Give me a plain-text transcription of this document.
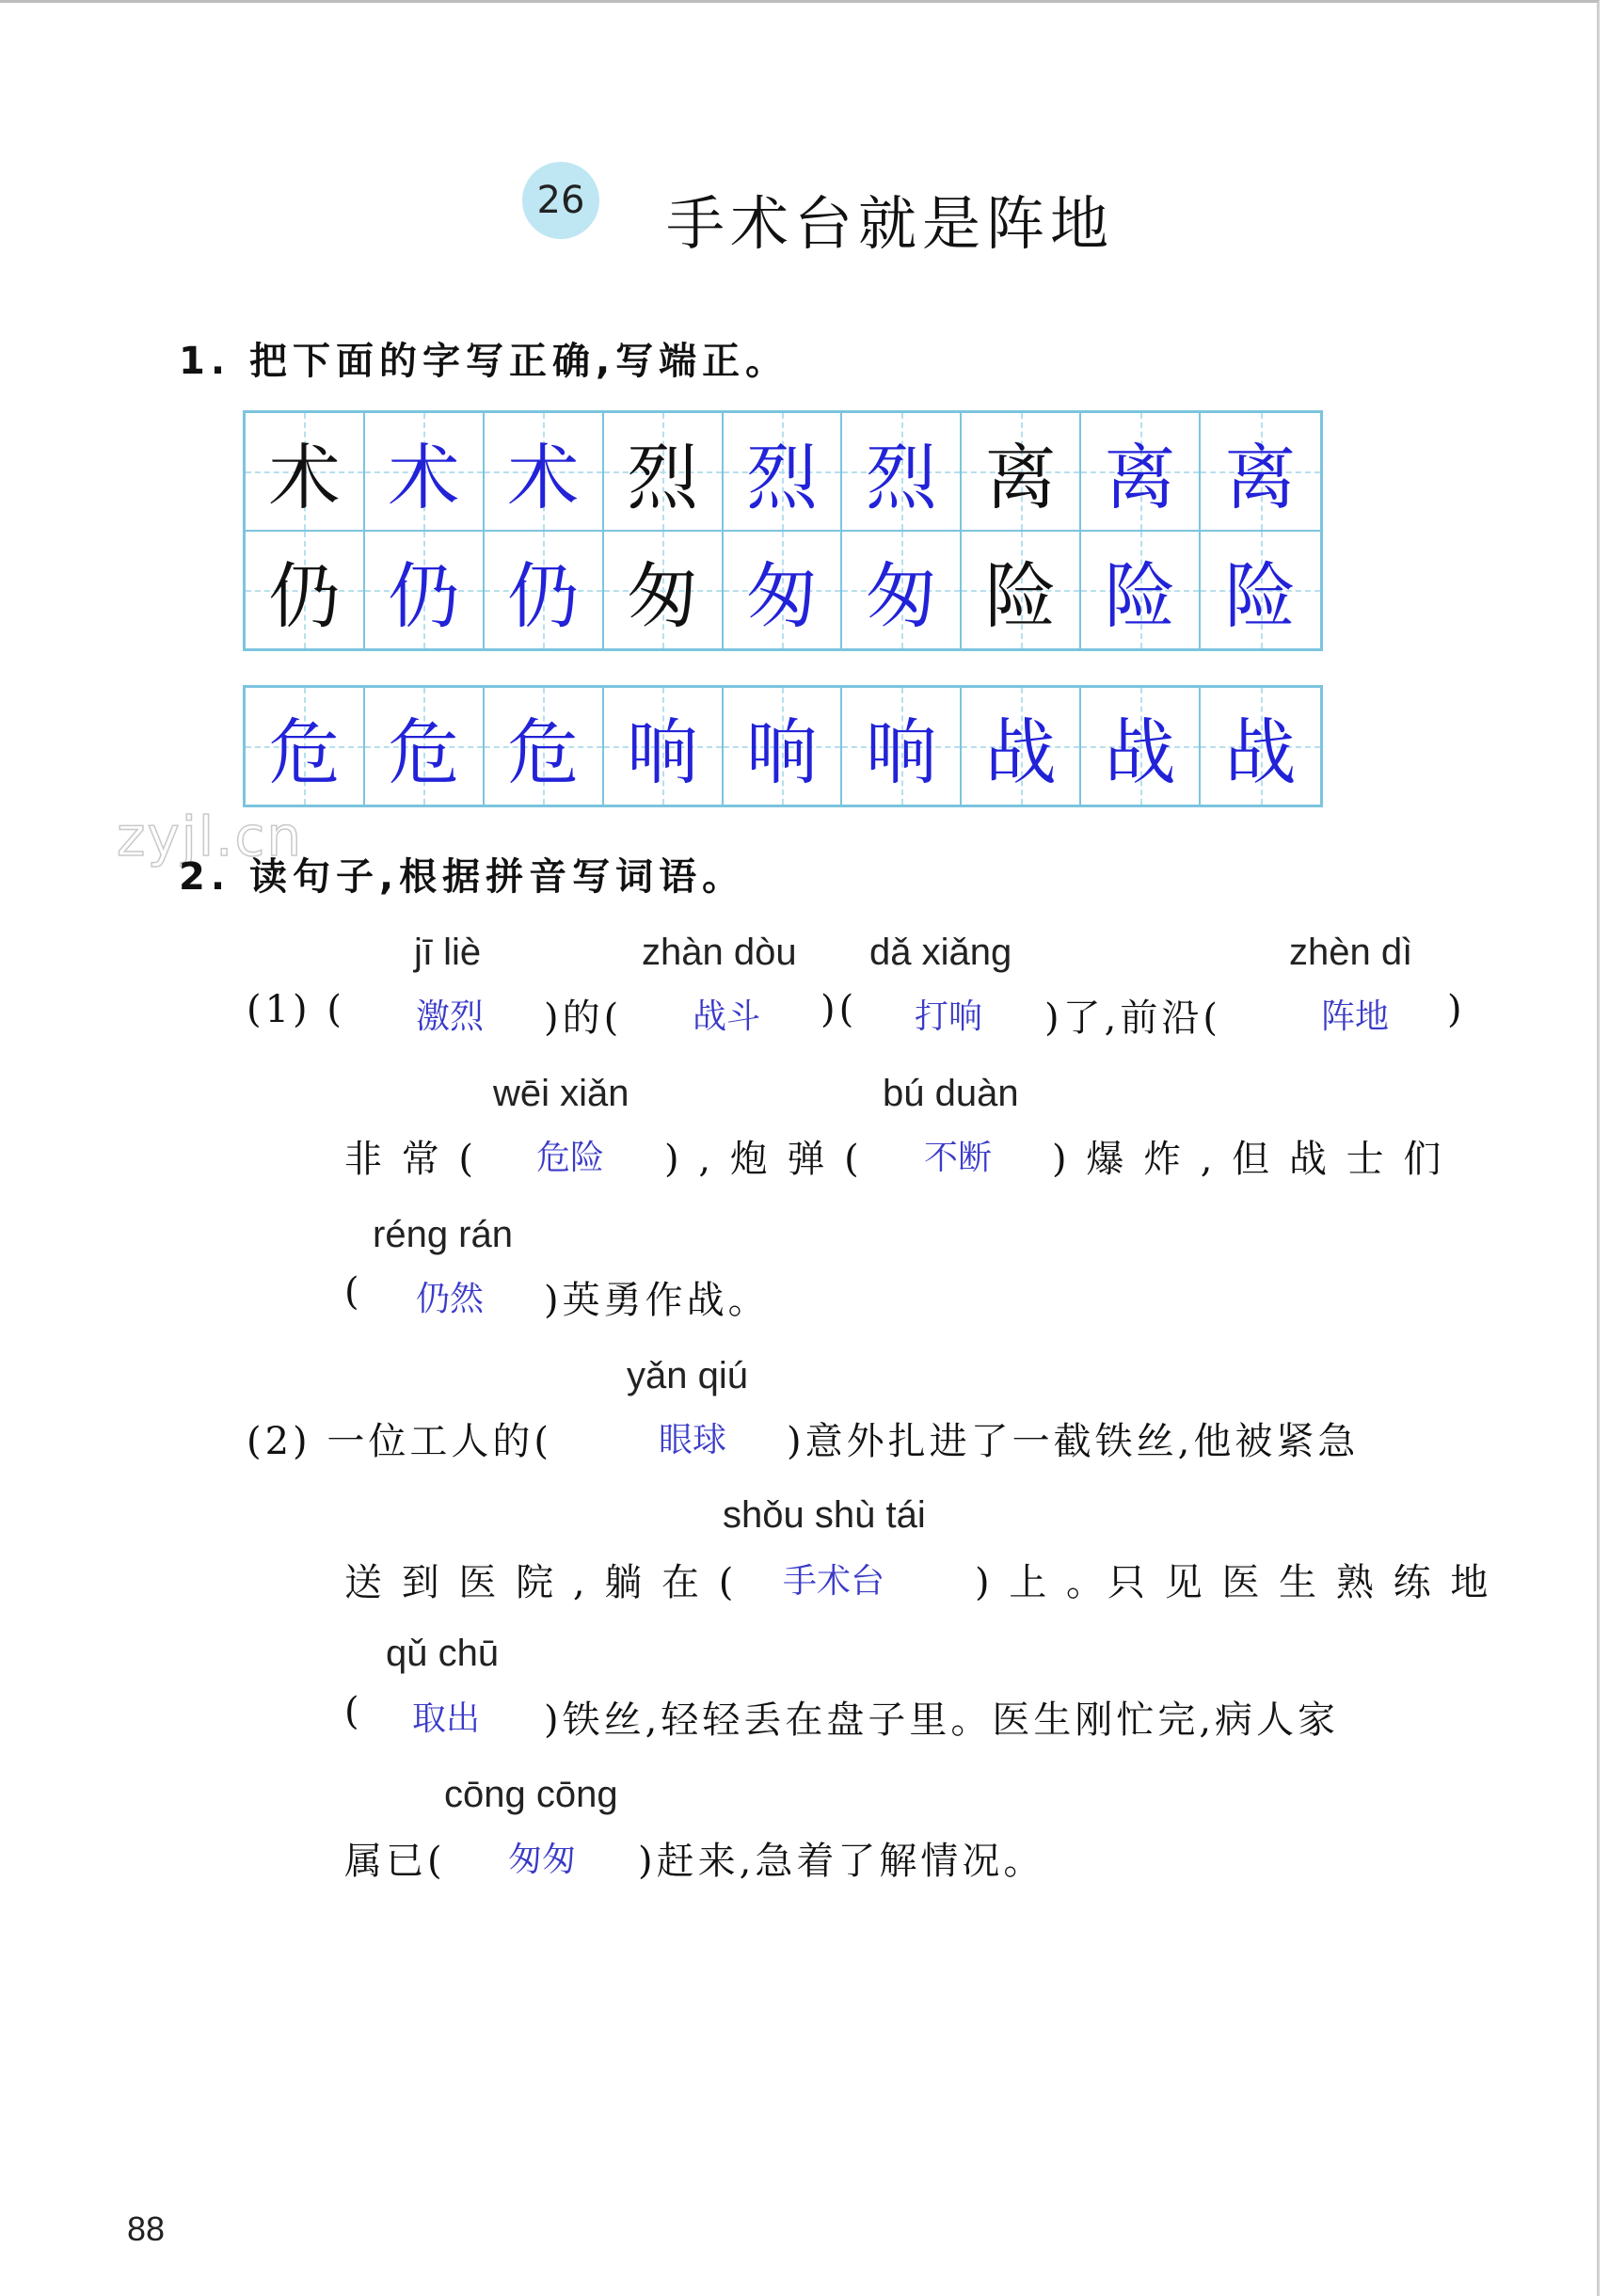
26 手术台就是阵地
1. 把下面的字写正确,写端正。
术 术 术 烈 烈 烈 离 离 离
仍 仍 仍 匆 匆 匆 险 险 险
危 危 危 响 响 响 战 战 战
zyjl.cn
2. 读句子,根据拼音写词语。
jī liè	zhàn dòu dǎ xiǎng	zhèn dì
(1) ( 激烈 )的( 战斗 )( 打响 )了,前沿(	阵地 )
wēi xiǎn	bú duàn
非 常 ( 危险 ) , 炮 弹 ( 不断 ) 爆 炸 , 但 战 士 们
réng rán
( 仍然 )英勇作战。
yǎn qiú
(2) 一位工人的(	眼球 )意外扎进了一截铁丝,他被紧急
shǒu shù tái
送 到 医 院 , 躺 在 ( 手术台 ) 上 。只 见 医 生 熟 练 地
qǔ chū
( 取出 )铁丝,轻轻丢在盘子里。医生刚忙完,病人家
cōng cōng
属已( 匆匆 )赶来,急着了解情况。
88
